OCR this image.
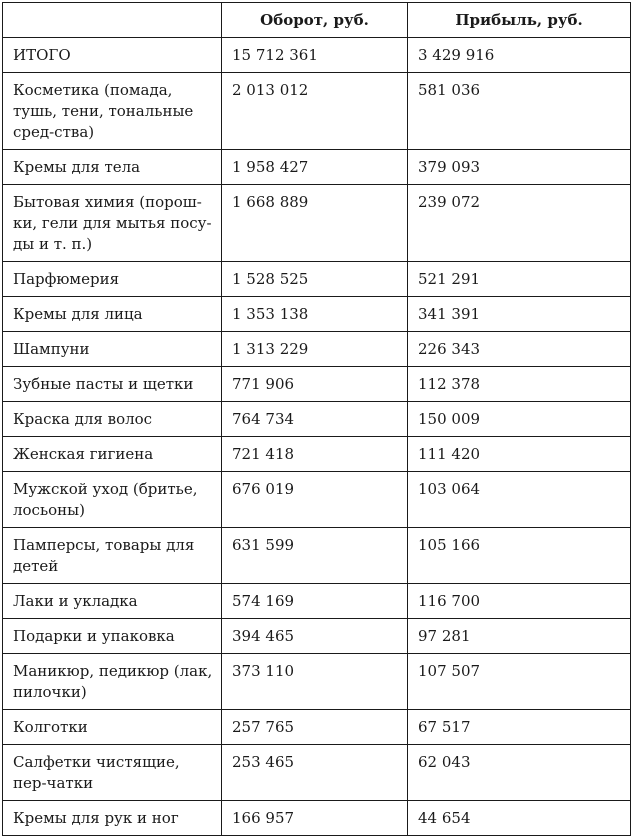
	Оборот, руб.	Прибыль, руб.
ИТОГО	15 712 361	3 429 916
Косметика (помада, тушь, тени, тональные сред-ства)	2 013 012	581 036
Кремы для тела	1 958 427	379 093
Бытовая химия (порош-ки, гели для мытья посу-ды и т. п.)	1 668 889	239 072
Парфюмерия	1 528 525	521 291
Кремы для лица	1 353 138	341 391
Шампуни	1 313 229	226 343
Зубные пасты и щетки	771 906	112 378
Краска для волос	764 734	150 009
Женская гигиена	721 418	111 420
Мужской уход (бритье, лосьоны)	676 019	103 064
Памперсы, товары для детей	631 599	105 166
Лаки и укладка	574 169	116 700
Подарки и упаковка	394 465	97 281
Маникюр, педикюр (лак, пилочки)	373 110	107 507
Колготки	257 765	67 517
Салфетки чистящие, пер-чатки	253 465	62 043
Кремы для рук и ног	166 957	44 654
